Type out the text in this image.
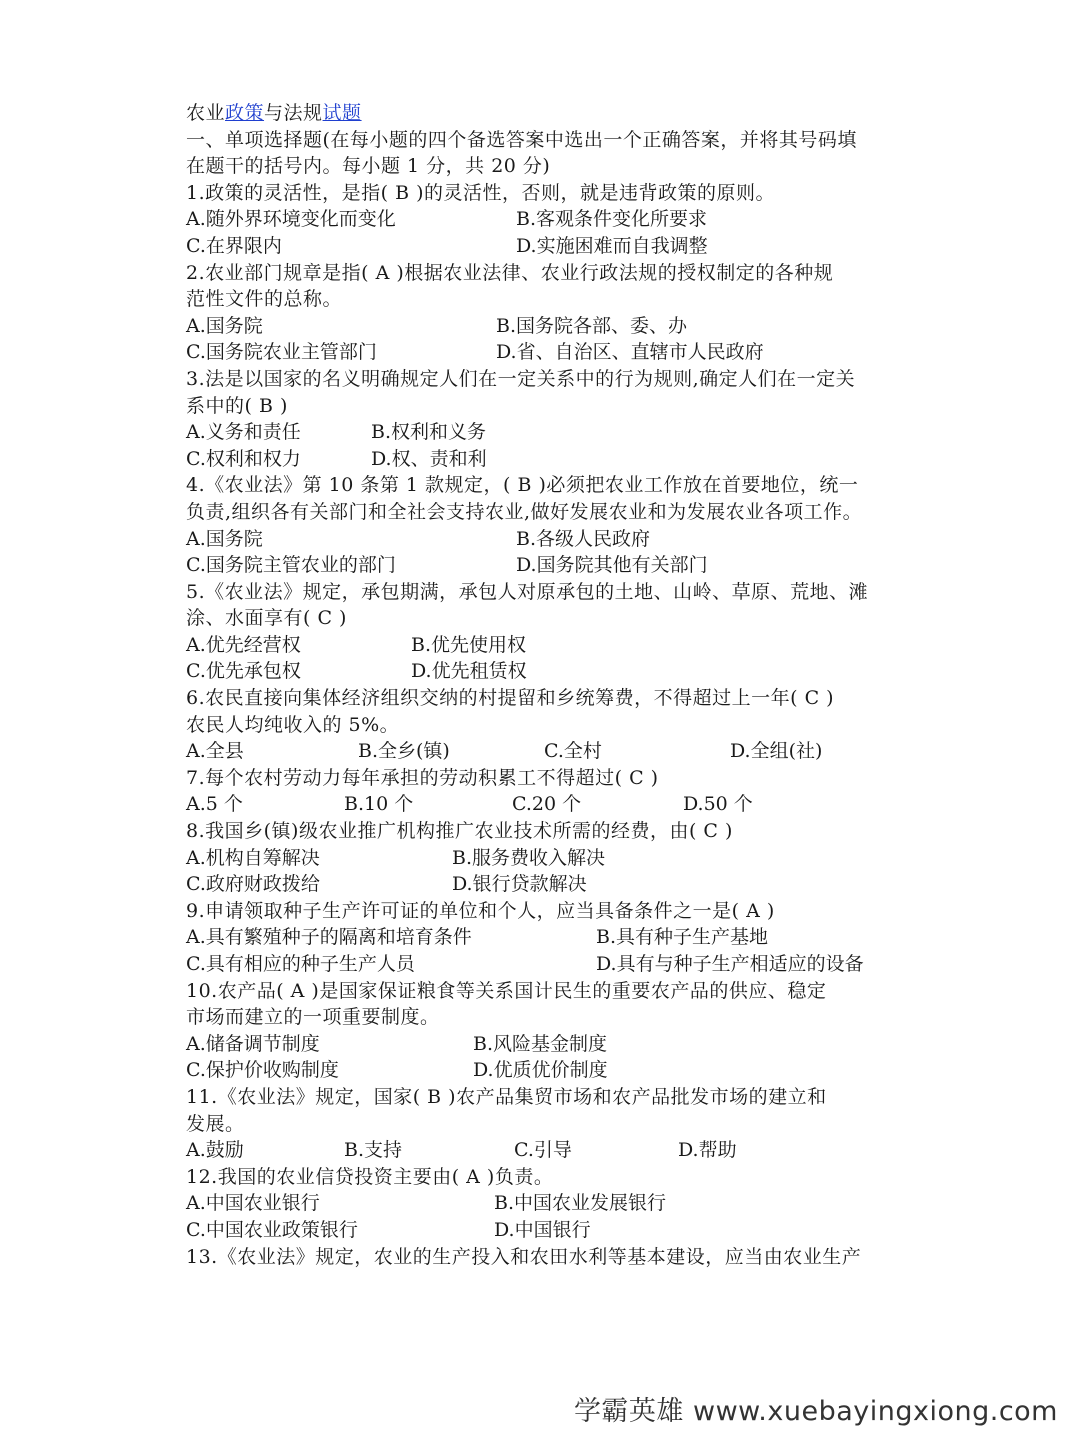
农业政策与法规试题
一、单项选择题(在每小题的四个备选答案中选出一个正确答案，并将其号码填
在题干的括号内。每小题 1 分，共 20 分)
1.政策的灵活性，是指( B )的灵活性，否则，就是违背政策的原则。
A.随外界环境变化而变化	B.客观条件变化所要求
C.在界限内	D.实施困难而自我调整
2.农业部门规章是指( A )根据农业法律、农业行政法规的授权制定的各种规
范性文件的总称。
A.国务院	B.国务院各部、委、办
C.国务院农业主管部门	D.省、自治区、直辖市人民政府
3.法是以国家的名义明确规定人们在一定关系中的行为规则,确定人们在一定关
系中的( B )
A.义务和责任	B.权利和义务
C.权利和权力	D.权、责和利
4.《农业法》第 10 条第 1 款规定，( B )必须把农业工作放在首要地位，统一
负责,组织各有关部门和全社会支持农业,做好发展农业和为发展农业各项工作。
A.国务院	B.各级人民政府
C.国务院主管农业的部门	D.国务院其他有关部门
5.《农业法》规定，承包期满，承包人对原承包的土地、山岭、草原、荒地、滩
涂、水面享有( C )
A.优先经营权	B.优先使用权
C.优先承包权	D.优先租赁权
6.农民直接向集体经济组织交纳的村提留和乡统筹费，不得超过上一年( C )
农民人均纯收入的 5%。
A.全县	B.全乡(镇)	C.全村	D.全组(社)
7.每个农村劳动力每年承担的劳动积累工不得超过( C )
A.5 个	B.10 个	C.20 个	D.50 个
8.我国乡(镇)级农业推广机构推广农业技术所需的经费，由( C )
A.机构自筹解决	B.服务费收入解决
C.政府财政拨给	D.银行贷款解决
9.申请领取种子生产许可证的单位和个人，应当具备条件之一是( A )
A.具有繁殖种子的隔离和培育条件	B.具有种子生产基地
C.具有相应的种子生产人员	D.具有与种子生产相适应的设备
10.农产品( A )是国家保证粮食等关系国计民生的重要农产品的供应、稳定
市场而建立的一项重要制度。
A.储备调节制度	B.风险基金制度
C.保护价收购制度	D.优质优价制度
11.《农业法》规定，国家( B )农产品集贸市场和农产品批发市场的建立和
发展。
A.鼓励	B.支持	C.引导	D.帮助
12.我国的农业信贷投资主要由( A )负责。
A.中国农业银行	B.中国农业发展银行
C.中国农业政策银行	D.中国银行
13.《农业法》规定，农业的生产投入和农田水利等基本建设，应当由农业生产
学霸英雄 www.xuebayingxiong.com
